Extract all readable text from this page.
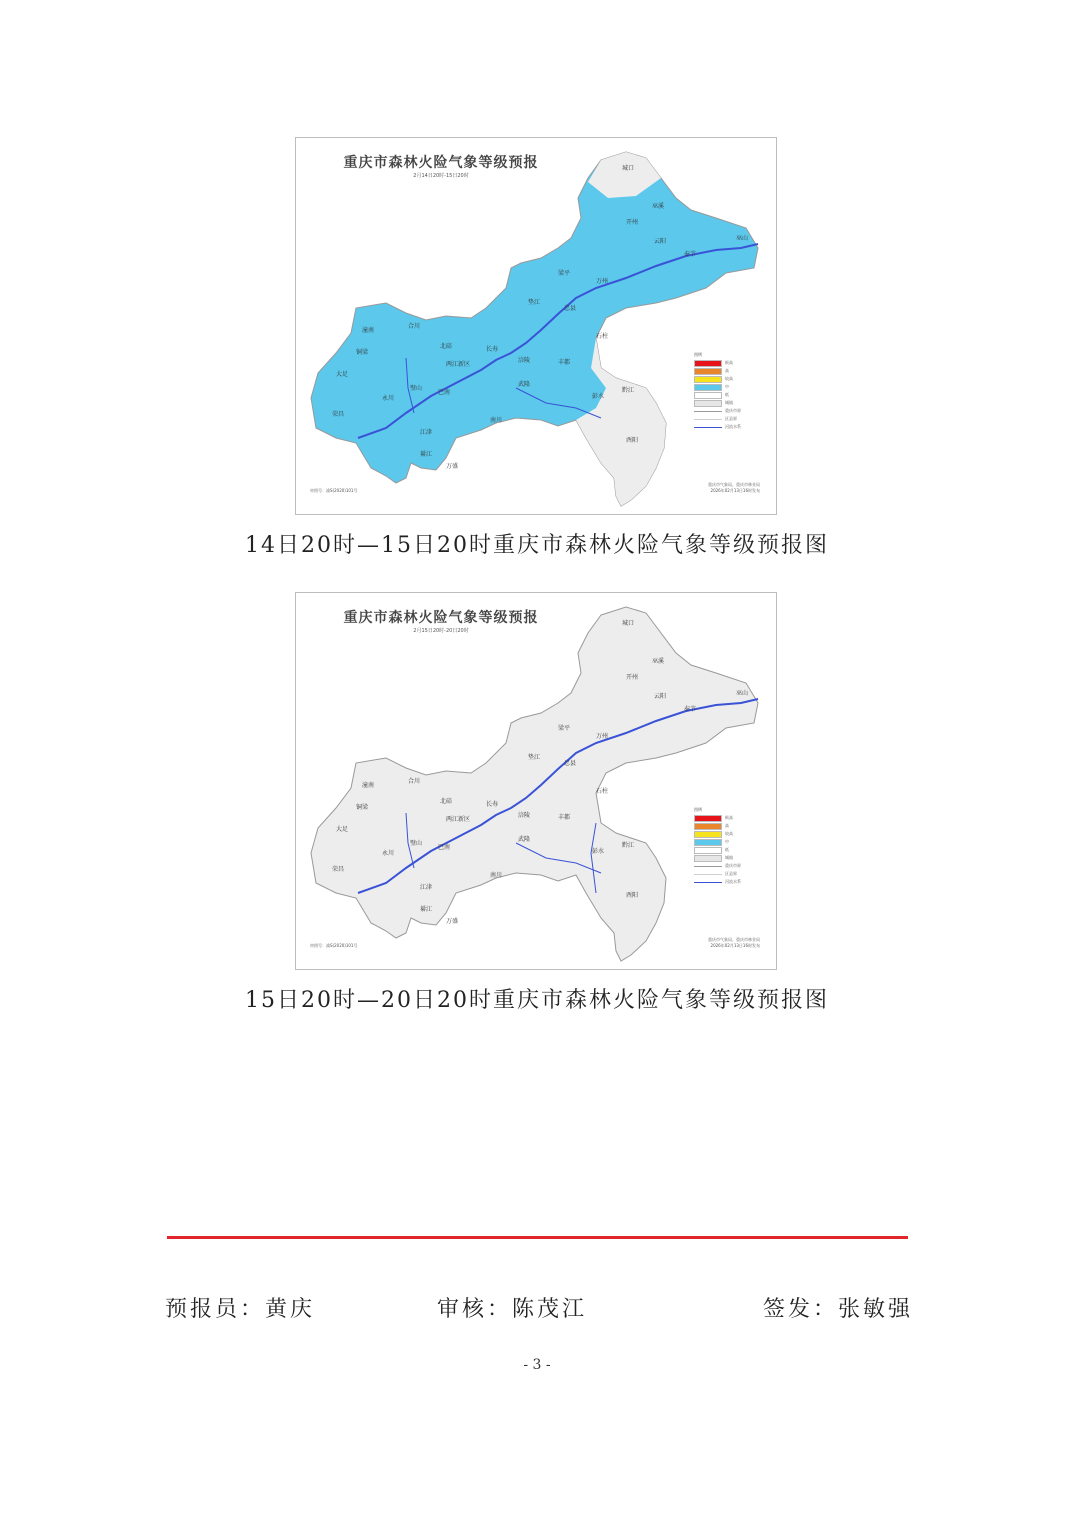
城口
巫溪
开州
云阳
奉节
巫山
梁平
万州
垫江
忠县
石柱
潼南
合川
北碚	长寿
涪陵	丰都
铜梁
两江新区
武隆
彭水
大足
永川
荣昌
璧山
江津
巴南
南川
黔江
酉阳
綦江
万盛
重庆市森林火险气象等级预报
2月14日20时-15日20时
图例
极高
高
较高
中
低
城镇
重庆市界
区县界
河流水系
重庆市气象局、重庆市林业局
2026年02月13日16时发布
审图号：渝S(2020)101号
14日20时—15日20时重庆市森林火险气象等级预报图
城口
巫溪
开州
云阳
奉节
巫山
梁平
万州
垫江
忠县
石柱
潼南
合川
北碚	长寿
涪陵	丰都
铜梁
两江新区
武隆
彭水
大足
永川
荣昌
璧山
江津
巴南
南川
黔江
酉阳
綦江
万盛
重庆市森林火险气象等级预报
2月15日20时-20日20时
图例
极高
高
较高
中
低
城镇
重庆市界
区县界
河流水系
重庆市气象局、重庆市林业局
2026年02月13日16时发布
审图号：渝S(2020)101号
15日20时—20日20时重庆市森林火险气象等级预报图
预报员：黄庆	审核：陈茂江	签发：张敏强
- 3 -
